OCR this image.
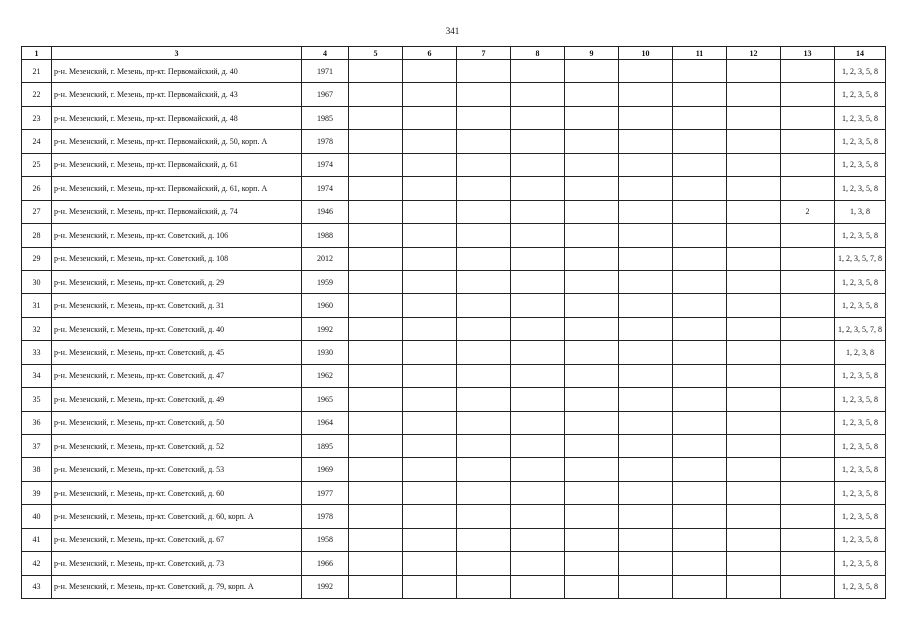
341
1	3	4	5	6	7	8	9	10	11	12	13	14
21	р-н. Мезенский, г. Мезень, пр-кт. Первомайский, д. 40	1971										1, 2, 3, 5, 8
22	р-н. Мезенский, г. Мезень, пр-кт. Первомайский, д. 43	1967										1, 2, 3, 5, 8
23	р-н. Мезенский, г. Мезень, пр-кт. Первомайский, д. 48	1985										1, 2, 3, 5, 8
24	р-н. Мезенский, г. Мезень, пр-кт. Первомайский, д. 50, корп. А	1978										1, 2, 3, 5, 8
25	р-н. Мезенский, г. Мезень, пр-кт. Первомайский, д. 61	1974										1, 2, 3, 5, 8
26	р-н. Мезенский, г. Мезень, пр-кт. Первомайский, д. 61, корп. А	1974										1, 2, 3, 5, 8
27	р-н. Мезенский, г. Мезень, пр-кт. Первомайский, д. 74	1946									2	1, 3, 8
28	р-н. Мезенский, г. Мезень, пр-кт. Советский, д. 106	1988										1, 2, 3, 5, 8
29	р-н. Мезенский, г. Мезень, пр-кт. Советский, д. 108	2012										1, 2, 3, 5, 7, 8
30	р-н. Мезенский, г. Мезень, пр-кт. Советский, д. 29	1959										1, 2, 3, 5, 8
31	р-н. Мезенский, г. Мезень, пр-кт. Советский, д. 31	1960										1, 2, 3, 5, 8
32	р-н. Мезенский, г. Мезень, пр-кт. Советский, д. 40	1992										1, 2, 3, 5, 7, 8
33	р-н. Мезенский, г. Мезень, пр-кт. Советский, д. 45	1930										1, 2, 3, 8
34	р-н. Мезенский, г. Мезень, пр-кт. Советский, д. 47	1962										1, 2, 3, 5, 8
35	р-н. Мезенский, г. Мезень, пр-кт. Советский, д. 49	1965										1, 2, 3, 5, 8
36	р-н. Мезенский, г. Мезень, пр-кт. Советский, д. 50	1964										1, 2, 3, 5, 8
37	р-н. Мезенский, г. Мезень, пр-кт. Советский, д. 52	1895										1, 2, 3, 5, 8
38	р-н. Мезенский, г. Мезень, пр-кт. Советский, д. 53	1969										1, 2, 3, 5, 8
39	р-н. Мезенский, г. Мезень, пр-кт. Советский, д. 60	1977										1, 2, 3, 5, 8
40	р-н. Мезенский, г. Мезень, пр-кт. Советский, д. 60, корп. А	1978										1, 2, 3, 5, 8
41	р-н. Мезенский, г. Мезень, пр-кт. Советский, д. 67	1958										1, 2, 3, 5, 8
42	р-н. Мезенский, г. Мезень, пр-кт. Советский, д. 73	1966										1, 2, 3, 5, 8
43	р-н. Мезенский, г. Мезень, пр-кт. Советский, д. 79, корп. А	1992										1, 2, 3, 5, 8
